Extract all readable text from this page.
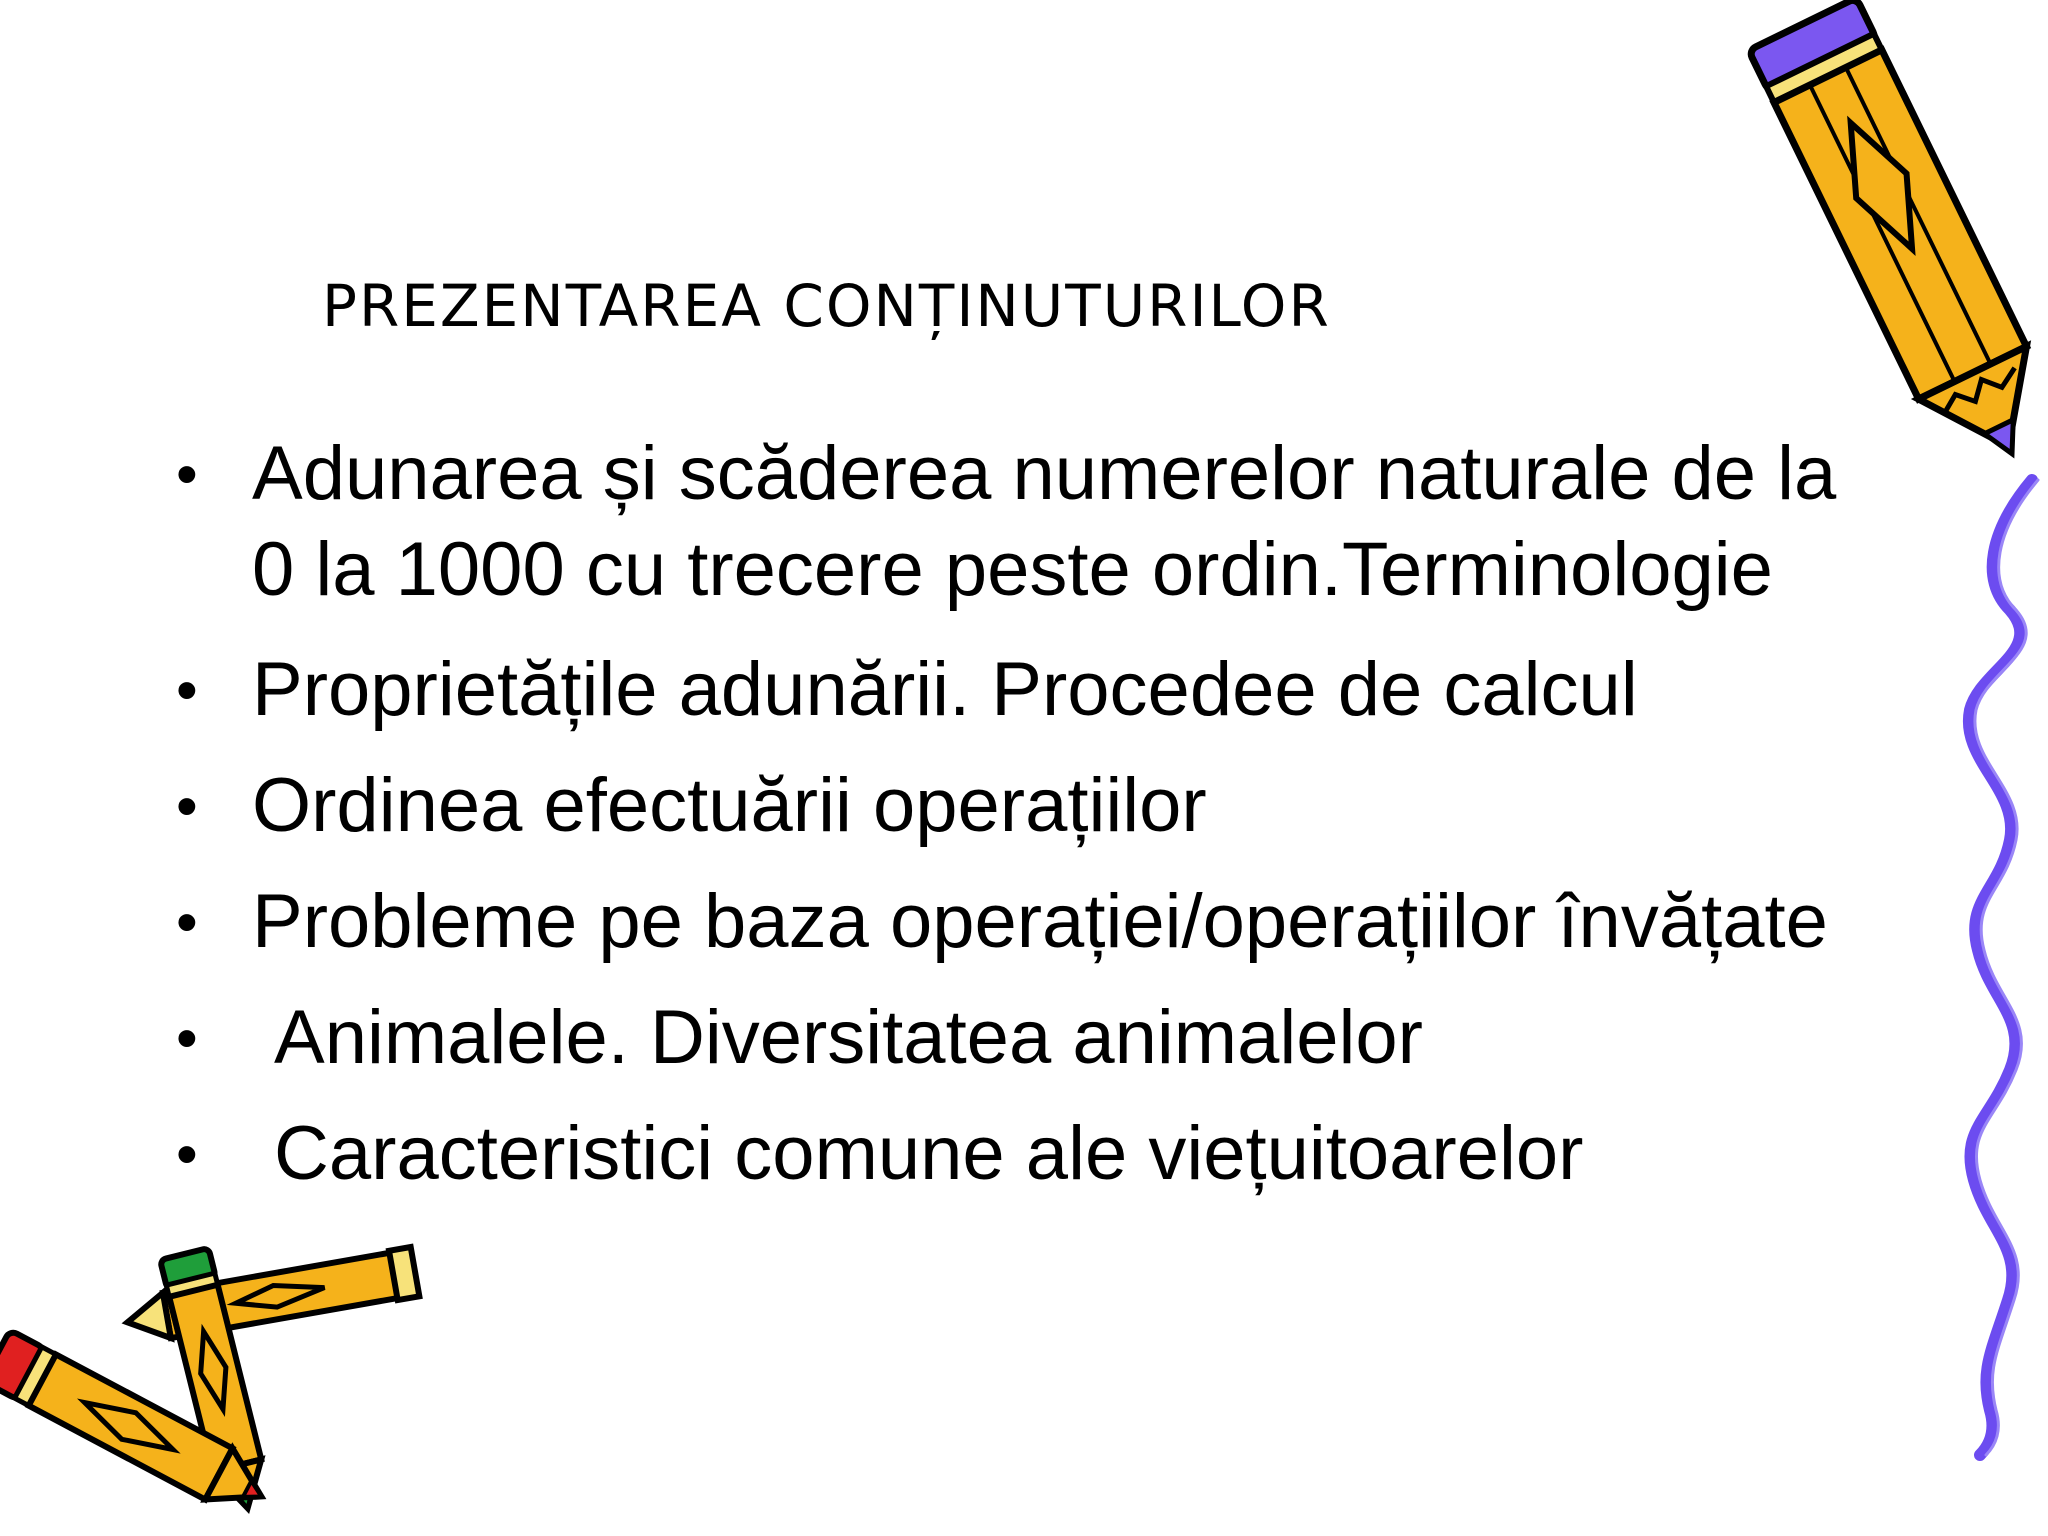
PREZENTAREA CONȚINUTURILOR
• Adunarea și scăderea numerelor naturale de la
0 la 1000 cu trecere peste ordin.Terminologie
• Proprietățile adunării. Procedee de calcul
• Ordinea efectuării operațiilor
• Probleme pe baza operației/operațiilor învățate
• Animalele. Diversitatea animalelor
• Caracteristici comune ale viețuitoarelor
